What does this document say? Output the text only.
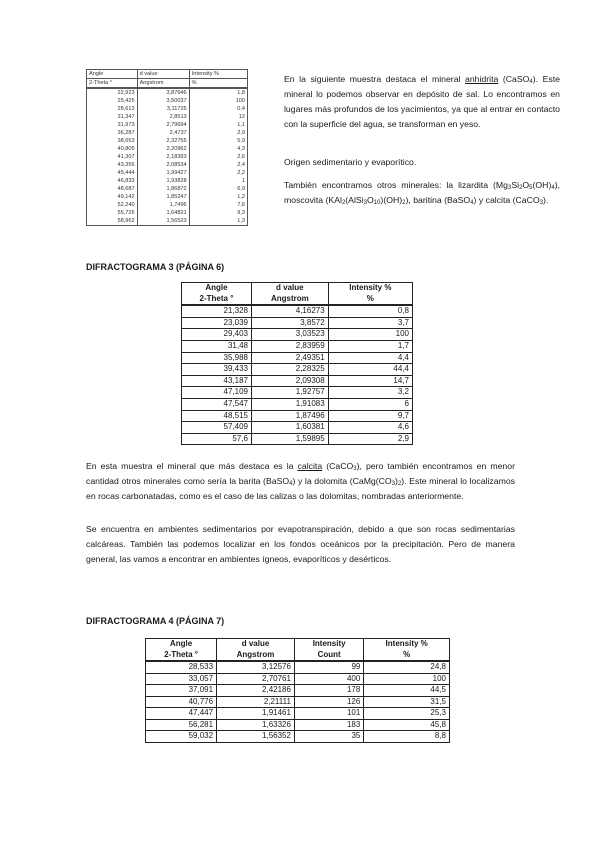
Angle	d value	Intensity %
2-Theta °	Angstrom	%
22,923	3,87646	1,8
25,425	3,50037	100
28,613	3,11725	0,4
31,347	2,8513	12
31,973	2,79694	1,1
36,287	2,4737	2,9
38,653	2,32755	5,9
40,805	2,20962	4,3
41,307	2,18393	2,6
43,356	2,08534	2,4
45,444	1,99427	2,2
46,833	1,93828	1
48,687	1,86872	6,9
49,142	1,85247	1,2
52,240	1,7496	7,6
55,726	1,64821	9,3
58,962	1,56523	1,3

En la siguiente muestra destaca el mineral anhidrita (CaSO$_4$). Este mineral lo podemos observar en depósito de sal. Lo encontramos en lugares más profundos de los yacimientos, ya que al entrar en contacto con la superficie del agua, se transforman en yeso.

Origen sedimentario y evaporítico.

También encontramos otros minerales: la lizardita $(Mg_3Si_2O_5(OH)_4)$, moscovita $(KAl_2(AlSi_3O_{10})(OH)_2)$, baritina (BaSO$_4$) y calcita (CaCO$_3$).

DIFRACTOGRAMA 3 (PÁGINA 6)
Angle	d value	Intensity %
2-Theta °	Angstrom	%
21,328	4,16273	0,8
23,039	3,8572	3,7
29,403	3,03523	100
31,48	2,83959	1,7
35,988	2,49351	4,4
39,433	2,28325	44,4
43,187	2,09308	14,7
47,109	1,92757	3,2
47,547	1,91083	6
48,515	1,87496	9,7
57,409	1,60381	4,6
57,6	1,59895	2,9

En esta muestra el mineral que más destaca es la calcita (CaCO$_3$), pero también encontramos en menor cantidad otros minerales como sería la barita (BaSO$_4$) y la dolomita $(CaMg(CO_3)_2)$. Este mineral lo localizamos en rocas carbonatadas, como es el caso de las calizas o las dolomitas, nombradas anteriormente.

Se encuentra en ambientes sedimentarios por evapotranspiración, debido a que son rocas sedimentarias calcáreas. También las podemos localizar en los fondos oceánicos por la precipitación. Pero de manera general, las vamos a encontrar en ambientes ígneos, evaporíticos y desérticos.

DIFRACTOGRAMA 4 (PÁGINA 7)
Angle	d value	Intensity	Intensity %
2-Theta °	Angstrom	Count	%
28,533	3,12576	99	24,8
33,057	2,70761	400	100
37,091	2,42186	178	44,5
40,776	2,21111	126	31,5
47,447	1,91461	101	25,3
56,281	1,63326	183	45,8
59,032	1,56352	35	8,8
